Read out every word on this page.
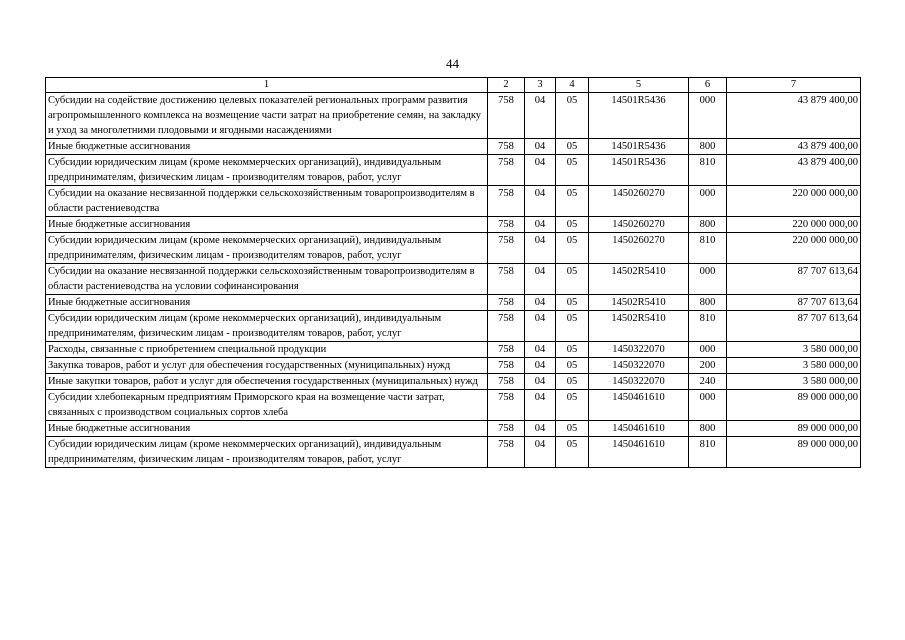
44
1	2	3	4	5	6	7
Субсидии на содействие достижению целевых показателей региональных программ развития агропромышленного комплекса на возмещение части затрат на приобретение семян, на закладку и уход за многолетними плодовыми и ягодными насаждениями	758	04	05	14501R5436	000	43 879 400,00
Иные бюджетные ассигнования	758	04	05	14501R5436	800	43 879 400,00
Субсидии юридическим лицам (кроме некоммерческих организаций), индивидуальным предпринимателям, физическим лицам - производителям товаров, работ, услуг	758	04	05	14501R5436	810	43 879 400,00
Субсидии на оказание несвязанной поддержки сельскохозяйственным товаропроизводителям в области растениеводства	758	04	05	1450260270	000	220 000 000,00
Иные бюджетные ассигнования	758	04	05	1450260270	800	220 000 000,00
Субсидии юридическим лицам (кроме некоммерческих организаций), индивидуальным предпринимателям, физическим лицам - производителям товаров, работ, услуг	758	04	05	1450260270	810	220 000 000,00
Субсидии на оказание несвязанной поддержки сельскохозяйственным товаропроизводителям в области растениеводства на условии софинансирования	758	04	05	14502R5410	000	87 707 613,64
Иные бюджетные ассигнования	758	04	05	14502R5410	800	87 707 613,64
Субсидии юридическим лицам (кроме некоммерческих организаций), индивидуальным предпринимателям, физическим лицам - производителям товаров, работ, услуг	758	04	05	14502R5410	810	87 707 613,64
Расходы, связанные с приобретением специальной продукции	758	04	05	1450322070	000	3 580 000,00
Закупка товаров, работ и услуг для обеспечения государственных (муниципальных) нужд	758	04	05	1450322070	200	3 580 000,00
Иные закупки товаров, работ и услуг для обеспечения государственных (муниципальных) нужд	758	04	05	1450322070	240	3 580 000,00
Субсидии хлебопекарным предприятиям Приморского края на возмещение части затрат, связанных с производством социальных сортов хлеба	758	04	05	1450461610	000	89 000 000,00
Иные бюджетные ассигнования	758	04	05	1450461610	800	89 000 000,00
Субсидии юридическим лицам (кроме некоммерческих организаций), индивидуальным предпринимателям, физическим лицам - производителям товаров, работ, услуг	758	04	05	1450461610	810	89 000 000,00
